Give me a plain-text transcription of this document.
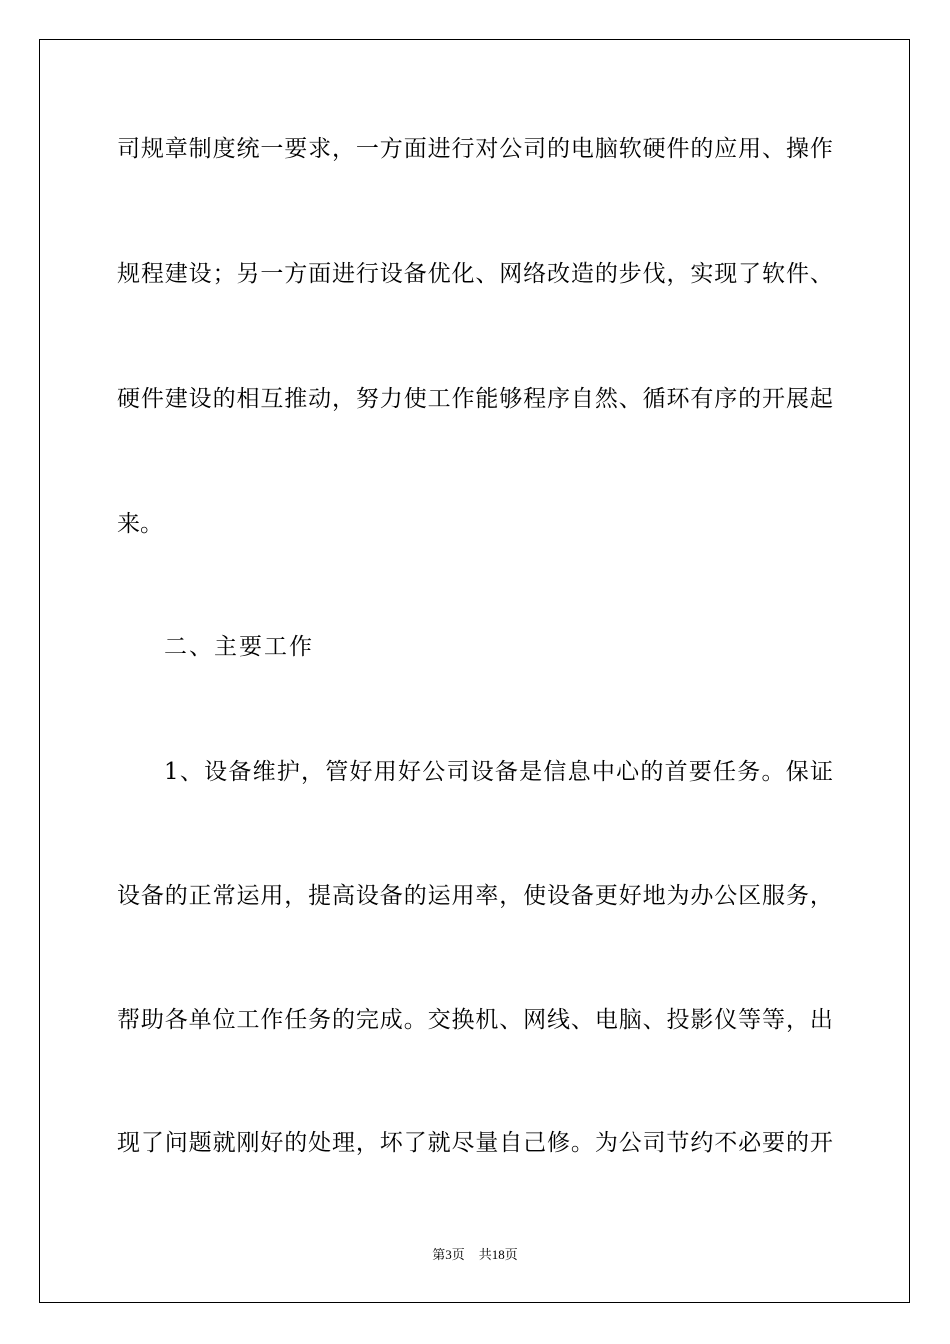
司 规 章 制 度 统 一 要 求 ， 一 方 面 进 行 对 公 司 的 电 脑 软 硬 件 的 应 用 、 操 作
规 程 建 设 ； 另 一 方 面 进 行 设 备 优 化 、 网 络 改 造 的 步 伐 ， 实 现 了 软 件 、
硬 件 建 设 的 相 互 推 动 ， 努 力 使 工 作 能 够 程 序 自 然 、 循 环 有 序 的 开 展 起
来。
二、主要工作
1 、 设 备 维 护 ， 管 好 用 好 公 司 设 备 是 信 息 中 心 的 首 要 任 务 。 保 证
设 备 的 正 常 运 用 ， 提 高 设 备 的 运 用 率 ， 使 设 备 更 好 地 为 办 公 区 服 务 ，
帮 助 各 单 位 工 作 任 务 的 完 成 。 交 换 机 、 网 线 、 电 脑 、 投 影 仪 等 等 ， 出
现 了 问 题 就 刚 好 的 处 理 ， 坏 了 就 尽 量 自 己 修 。 为 公 司 节 约 不 必 要 的 开
第3页 共18页
